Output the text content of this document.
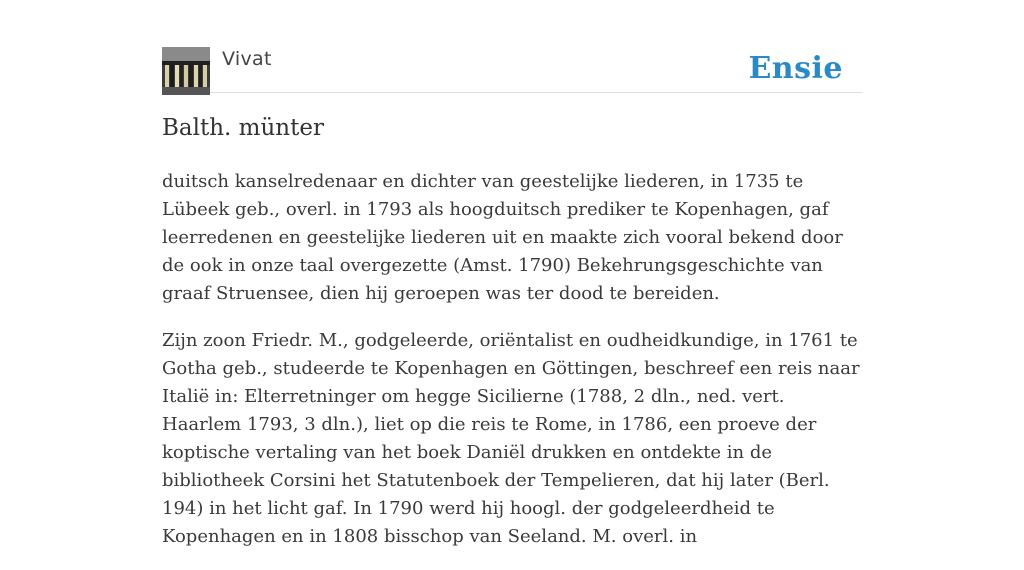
Vivat	Ensie
Balth. münter

duitsch kanselredenaar en dichter van geestelijke liederen, in 1735 te Lübeek geb., overl. in 1793 als hoogduitsch prediker te Kopenhagen, gaf leerredenen en geestelijke liederen uit en maakte zich vooral bekend door de ook in onze taal overgezette (Amst. 1790) Bekehrungsgeschichte van graaf Struensee, dien hij geroepen was ter dood te bereiden.

Zijn zoon Friedr. M., godgeleerde, oriëntalist en oudheidkundige, in 1761 te Gotha geb., studeerde te Kopenhagen en Göttingen, beschreef een reis naar Italië in: Elterretninger om hegge Sicilierne (1788, 2 dln., ned. vert. Haarlem 1793, 3 dln.), liet op die reis te Rome, in 1786, een proeve der koptische vertaling van het boek Daniël drukken en ontdekte in de bibliotheek Corsini het Statutenboek der Tempelieren, dat hij later (Berl. 194) in het licht gaf. In 1790 werd hij hoogl. der godgeleerdheid te Kopenhagen en in 1808 bisschop van Seeland. M. overl. in
